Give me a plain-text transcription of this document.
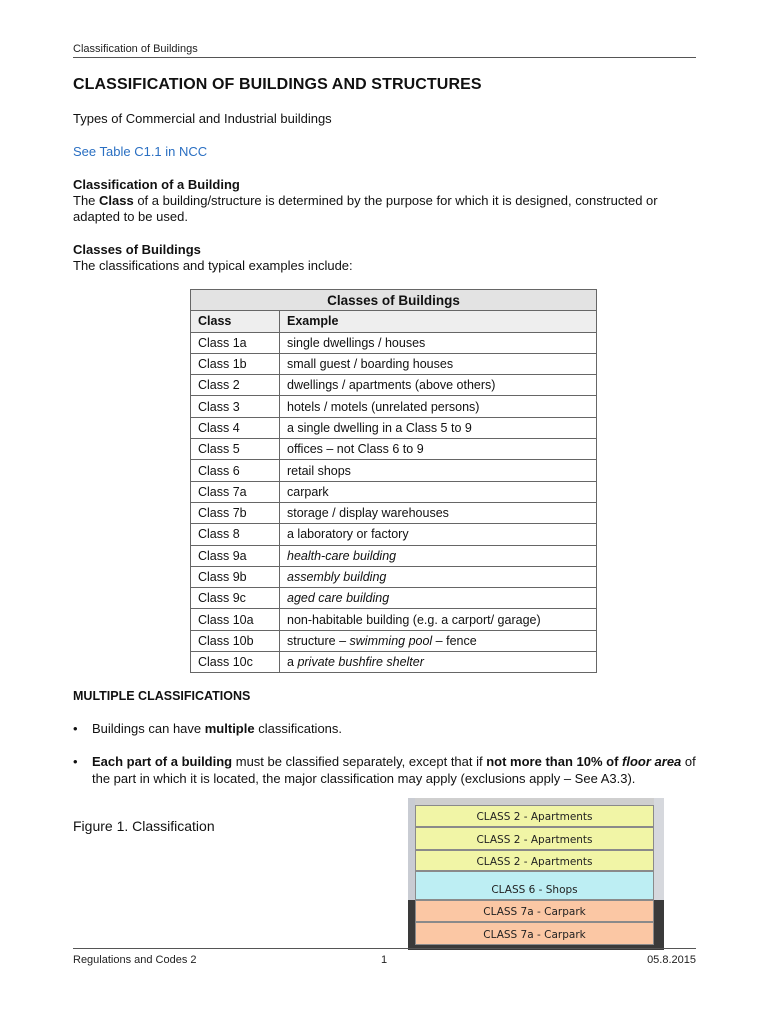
Classification of Buildings
CLASSIFICATION OF BUILDINGS AND STRUCTURES

Types of Commercial and Industrial buildings

See Table C1.1 in NCC

Classification of a Building
The Class of a building/structure is determined by the purpose for which it is designed, constructed or adapted to be used.
Classes of Buildings
The classifications and typical examples include:
Classes of Buildings	
Class	Example
Class 1a	single dwellings / houses
Class 1b	small guest / boarding houses
Class 2	dwellings / apartments (above others)
Class 3	hotels / motels (unrelated persons)
Class 4	a single dwelling in a Class 5 to 9
Class 5	offices – not Class 6 to 9
Class 6	retail shops
Class 7a	carpark
Class 7b	storage / display warehouses
Class 8	a laboratory or factory
Class 9a	health-care building
Class 9b	assembly building
Class 9c	aged care building
Class 10a	non-habitable building (e.g. a carport/ garage)
Class 10b	structure – swimming pool – fence
Class 10c	a private bushfire shelter
MULTIPLE CLASSIFICATIONS
• Buildings can have multiple classifications.
• Each part of a building must be classified separately, except that if not more than 10% of floor area of the part in which it is located, the major classification may apply (exclusions apply – See A3.3).

Figure 1. Classification

CLASS 2 - Apartments
CLASS 2 - Apartments
CLASS 2 - Apartments
CLASS 6 - Shops
CLASS 7a - Carpark
CLASS 7a - Carpark
Regulations and Codes 2	1	05.8.2015
